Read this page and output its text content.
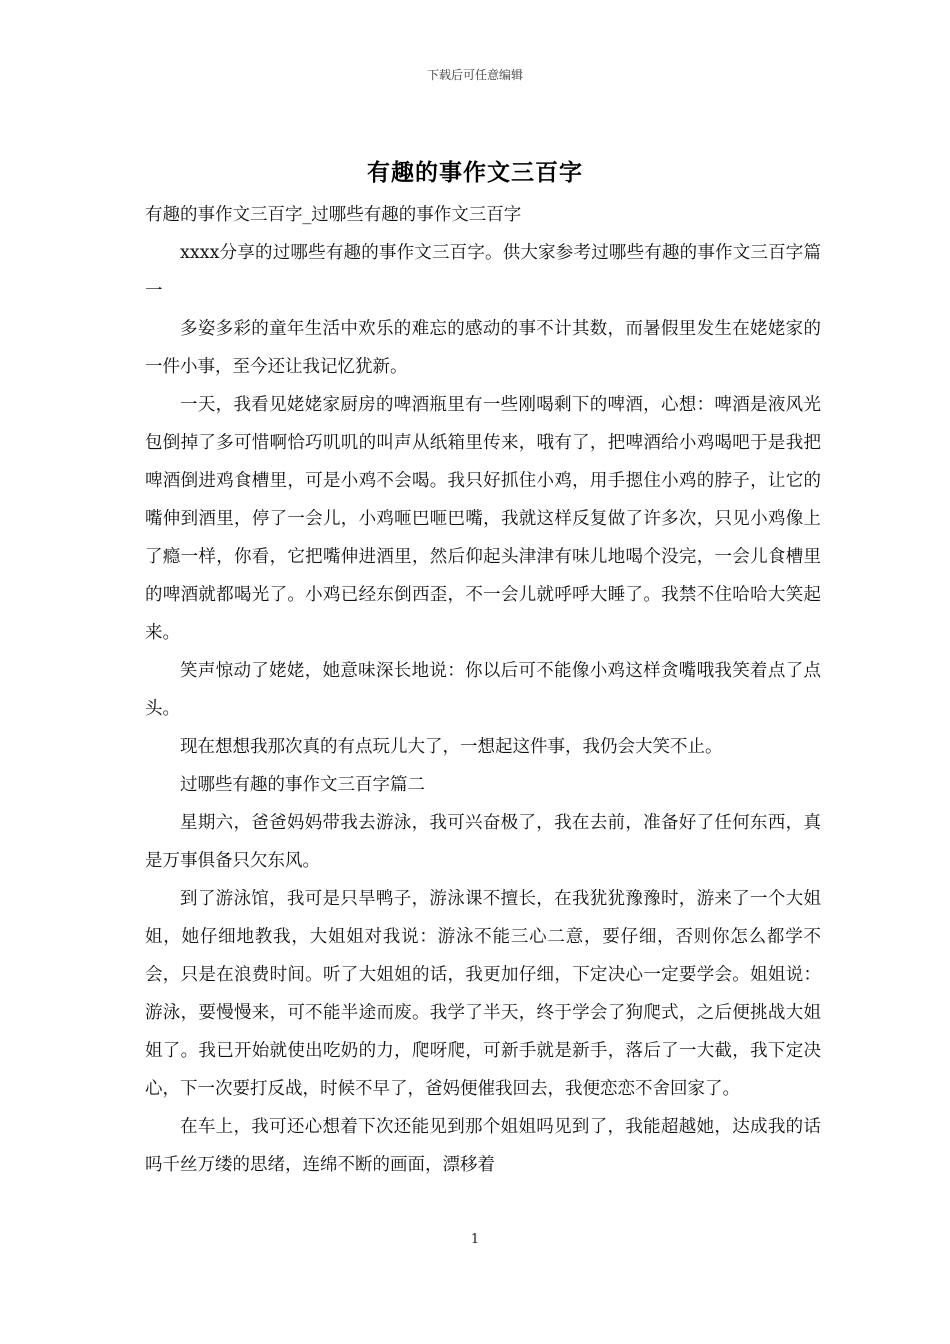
下载后可任意编辑
有趣的事作文三百字

有趣的事作文三百字_过哪些有趣的事作文三百字

xxxx分享的过哪些有趣的事作文三百字。供大家参考过哪些有趣的事作文三百字篇一

多姿多彩的童年生活中欢乐的难忘的感动的事不计其数，而暑假里发生在姥姥家的一件小事，至今还让我记忆犹新。

一天，我看见姥姥家厨房的啤酒瓶里有一些刚喝剩下的啤酒，心想：啤酒是液风光包倒掉了多可惜啊恰巧叽叽的叫声从纸箱里传来，哦有了，把啤酒给小鸡喝吧于是我把啤酒倒进鸡食槽里，可是小鸡不会喝。我只好抓住小鸡，用手摁住小鸡的脖子，让它的嘴伸到酒里，停了一会儿，小鸡咂巴咂巴嘴，我就这样反复做了许多次，只见小鸡像上了瘾一样，你看，它把嘴伸进酒里，然后仰起头津津有味儿地喝个没完，一会儿食槽里的啤酒就都喝光了。小鸡已经东倒西歪，不一会儿就呼呼大睡了。我禁不住哈哈大笑起来。

笑声惊动了姥姥，她意味深长地说：你以后可不能像小鸡这样贪嘴哦我笑着点了点头。

现在想想我那次真的有点玩儿大了，一想起这件事，我仍会大笑不止。

过哪些有趣的事作文三百字篇二

星期六，爸爸妈妈带我去游泳，我可兴奋极了，我在去前，准备好了任何东西，真是万事俱备只欠东风。

到了游泳馆，我可是只旱鸭子，游泳课不擅长，在我犹犹豫豫时，游来了一个大姐姐，她仔细地教我，大姐姐对我说：游泳不能三心二意，要仔细，否则你怎么都学不会，只是在浪费时间。听了大姐姐的话，我更加仔细，下定决心一定要学会。姐姐说：游泳，要慢慢来，可不能半途而废。我学了半天，终于学会了狗爬式，之后便挑战大姐姐了。我已开始就使出吃奶的力，爬呀爬，可新手就是新手，落后了一大截，我下定决心，下一次要打反战，时候不早了，爸妈便催我回去，我便恋恋不舍回家了。

在车上，我可还心想着下次还能见到那个姐姐吗见到了，我能超越她，达成我的话吗千丝万缕的思绪，连绵不断的画面，漂移着

1
